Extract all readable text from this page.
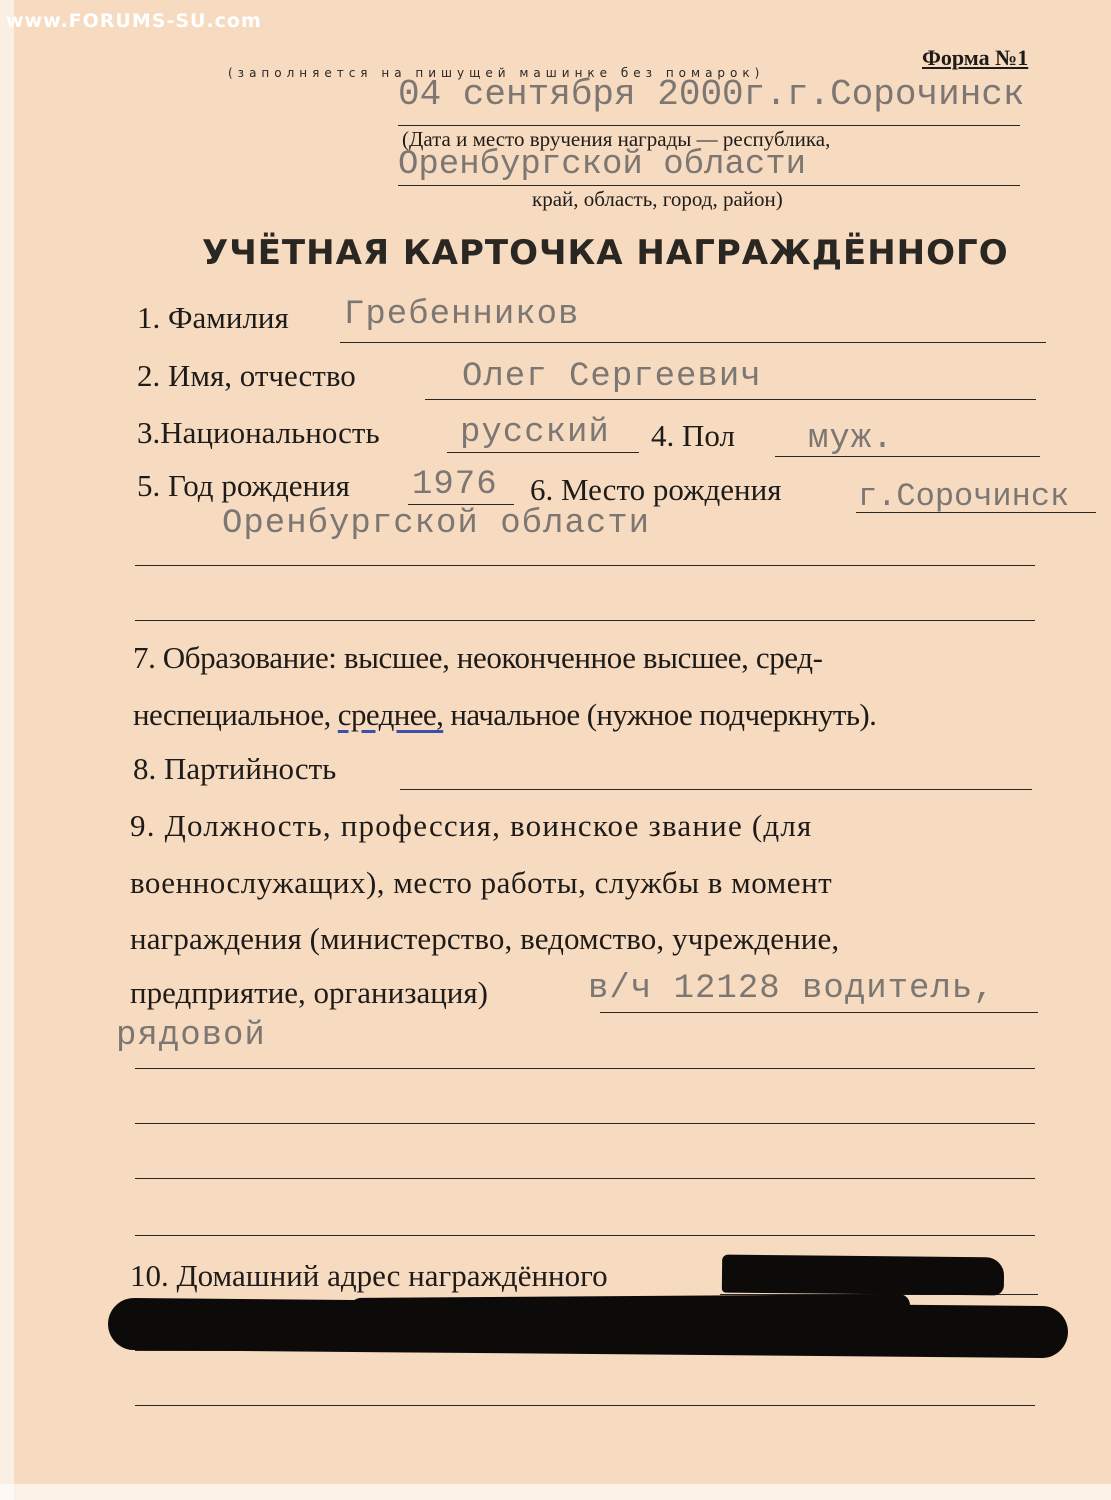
www.FORUMS-SU.com
Форма №1
(заполняется на пишущей машинке без помарок)
04 сентября 2000г.г.Сорочинск
(Дата и место вручения награды — республика,
Оренбургской области
край, область, город, район)
УЧЁТНАЯ КАРТОЧКА НАГРАЖДЁННОГО
1. Фамилия Гребенников
2. Имя, отчество	Олег Сергеевич
3.Национальность русский 4. Пол муж.
5. Год рождения 1976 6. Место рождения г.Сорочинск
Оренбургской области
7. Образование: высшее, неоконченное высшее, сред-
неспециальное, среднее, начальное (нужное подчеркнуть).
8. Партийность
9. Должность, профессия, воинское звание (для
военнослужащих), место работы, службы в момент
награждения (министерство, ведомство, учреждение,
предприятие, организация)	в/ч 12128 водитель,
рядовой
10. Домашний адрес награждённого
